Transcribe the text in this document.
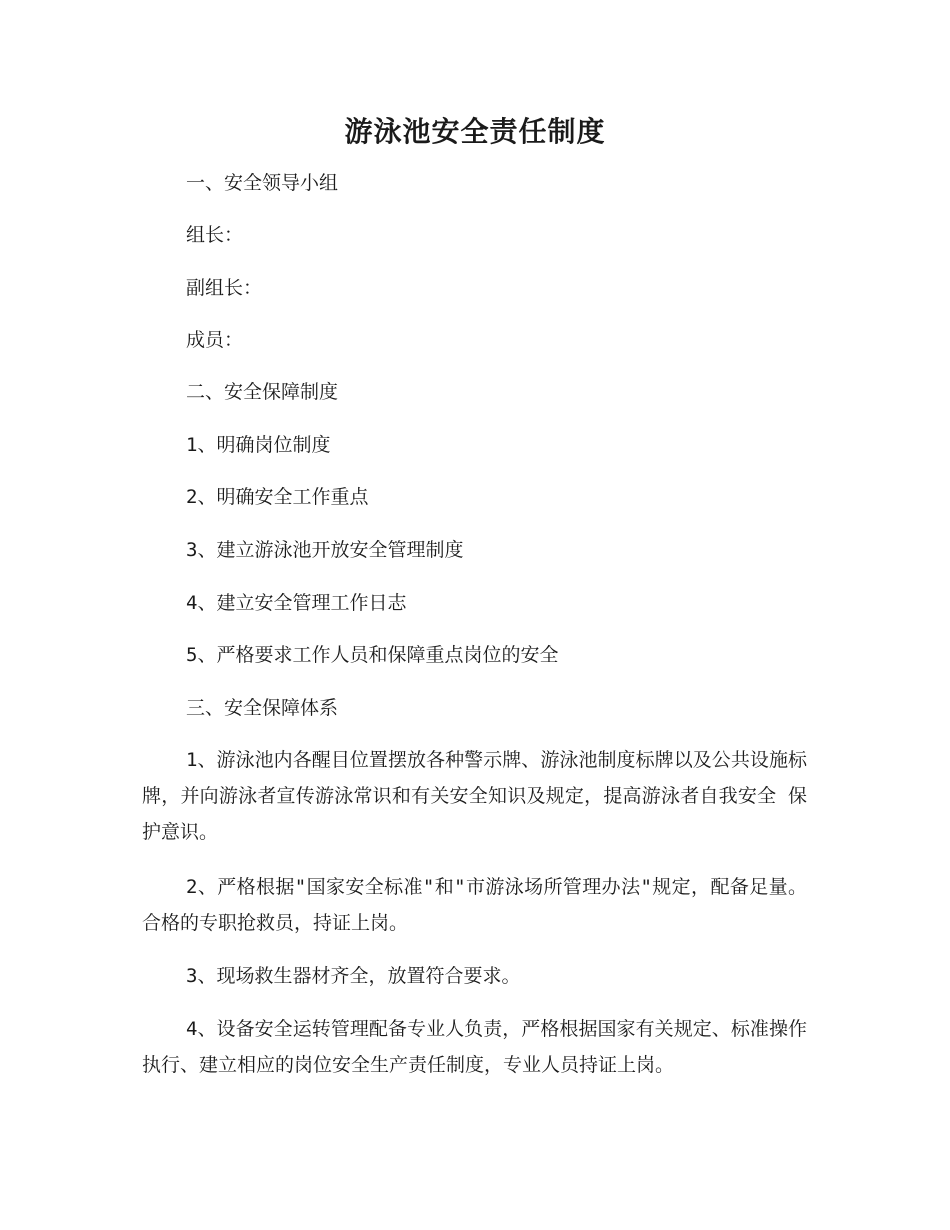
游泳池安全责任制度
一、安全领导小组
组长：
副组长：
成员：
二、安全保障制度
1、明确岗位制度
2、明确安全工作重点
3、建立游泳池开放安全管理制度
4、建立安全管理工作日志
5、严格要求工作人员和保障重点岗位的安全
三、安全保障体系
1、游泳池内各醒目位置摆放各种警示牌、游泳池制度标牌以及公共设施标牌，并向游泳者宣传游泳常识和有关安全知识及规定，提高游泳者自我安全 保护意识。
2、严格根据"国家安全标准"和"市游泳场所管理办法"规定，配备足量。合格的专职抢救员，持证上岗。
3、现场救生器材齐全，放置符合要求。
4、设备安全运转管理配备专业人负责，严格根据国家有关规定、标准操作执行、建立相应的岗位安全生产责任制度，专业人员持证上岗。
